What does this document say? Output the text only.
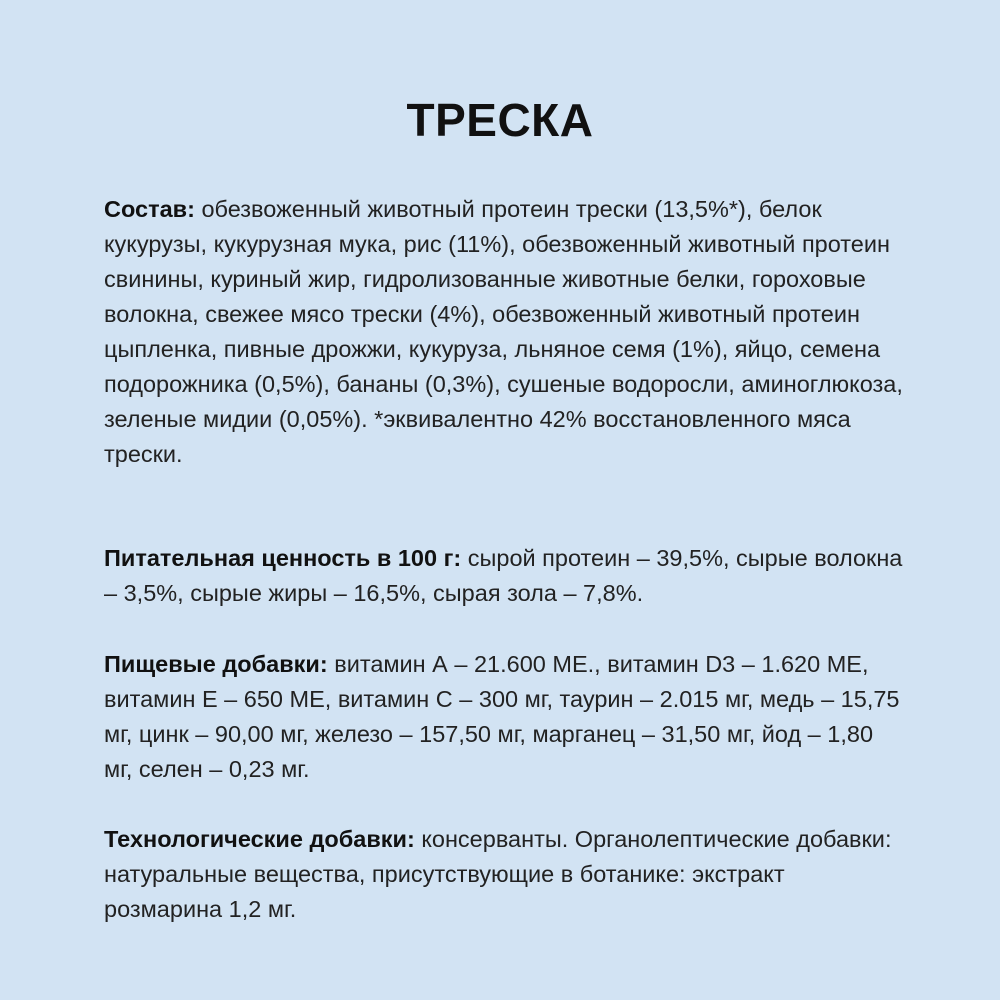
ТРЕСКА

Состав: обезвоженный животный протеин трески (13,5%*), белок кукурузы, кукурузная мука, рис (11%), обезвоженный животный протеин свинины, куриный жир, гидролизованные животные белки, гороховые волокна, свежее мясо трески (4%), обезвоженный животный протеин цыпленка, пивные дрожжи, кукуруза, льняное семя (1%), яйцо, семена подорожника (0,5%), бананы (0,3%), сушеные водоросли, аминоглюкоза, зеленые мидии (0,05%). *эквивалентно 42% восстановленного мяса трески.

Питательная ценность в 100 г: сырой протеин – 39,5%, сырые волокна – 3,5%, сырые жиры – 16,5%, сырая зола – 7,8%.

Пищевые добавки: витамин А – 21.600 МЕ., витамин D3 – 1.620 МЕ, витамин Е – 650 МЕ, витамин С – 300 мг, таурин – 2.015 мг, медь – 15,75 мг, цинк – 90,00 мг, железо – 157,50 мг, марганец – 31,50 мг, йод – 1,80 мг, селен – 0,23 мг.

Технологические добавки: консерванты. Органолептические добавки: натуральные вещества, присутствующие в ботанике: экстракт розмарина 1,2 мг.
